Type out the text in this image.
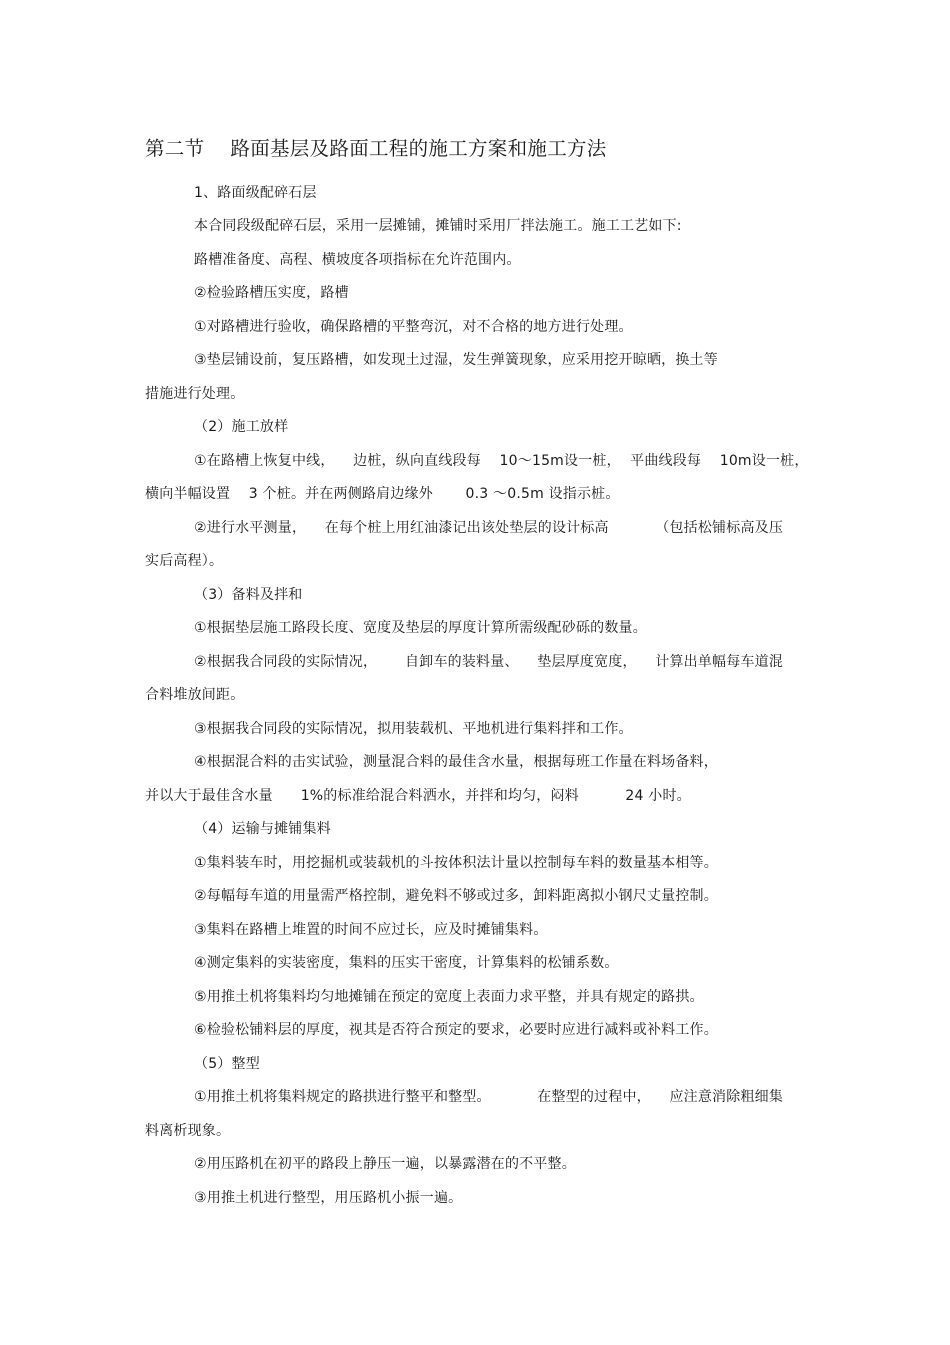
第二节    路面基层及路面工程的施工方案和施工方法
1、路面级配碎石层
本合同段级配碎石层，采用一层摊铺，摊铺时采用厂拌法施工。施工工艺如下:
路槽准备度、高程、横坡度各项指标在允许范围内。
②检验路槽压实度，路槽
①对路槽进行验收，确保路槽的平整弯沉，对不合格的地方进行处理。
③垫层铺设前，复压路槽，如发现土过湿，发生弹簧现象，应采用挖开晾晒，换土等
措施进行处理。
（2）施工放样
①在路槽上恢复中线，    边桩，纵向直线段每    10～15m设一桩，  平曲线段每    10m设一桩，
横向半幅设置    3 个桩。并在两侧路肩边缘外       0.3 ～0.5m 设指示桩。
②进行水平测量，    在每个桩上用红油漆记出该处垫层的设计标高          （包括松铺标高及压
实后高程）。
（3）备料及拌和
①根据垫层施工路段长度、宽度及垫层的厚度计算所需级配砂砾的数量。
②根据我合同段的实际情况，      自卸车的装料量、    垫层厚度宽度，    计算出单幅每车道混
合料堆放间距。
③根据我合同段的实际情况，拟用装载机、平地机进行集料拌和工作。
④根据混合料的击实试验，测量混合料的最佳含水量，根据每班工作量在料场备料，
并以大于最佳含水量      1%的标准给混合料洒水，并拌和均匀，闷料          24 小时。
（4）运输与摊铺集料
①集料装车时，用挖掘机或装载机的斗按体积法计量以控制每车料的数量基本相等。
②每幅每车道的用量需严格控制，避免料不够或过多，卸料距离拟小钢尺丈量控制。
③集料在路槽上堆置的时间不应过长，应及时摊铺集料。
④测定集料的实装密度，集料的压实干密度，计算集料的松铺系数。
⑤用推土机将集料均匀地摊铺在预定的宽度上表面力求平整，并具有规定的路拱。
⑥检验松铺料层的厚度，视其是否符合预定的要求，必要时应进行减料或补料工作。
（5）整型
①用推土机将集料规定的路拱进行整平和整型。          在整型的过程中，    应注意消除粗细集
料离析现象。
②用压路机在初平的路段上静压一遍，以暴露潜在的不平整。
③用推土机进行整型，用压路机小振一遍。
